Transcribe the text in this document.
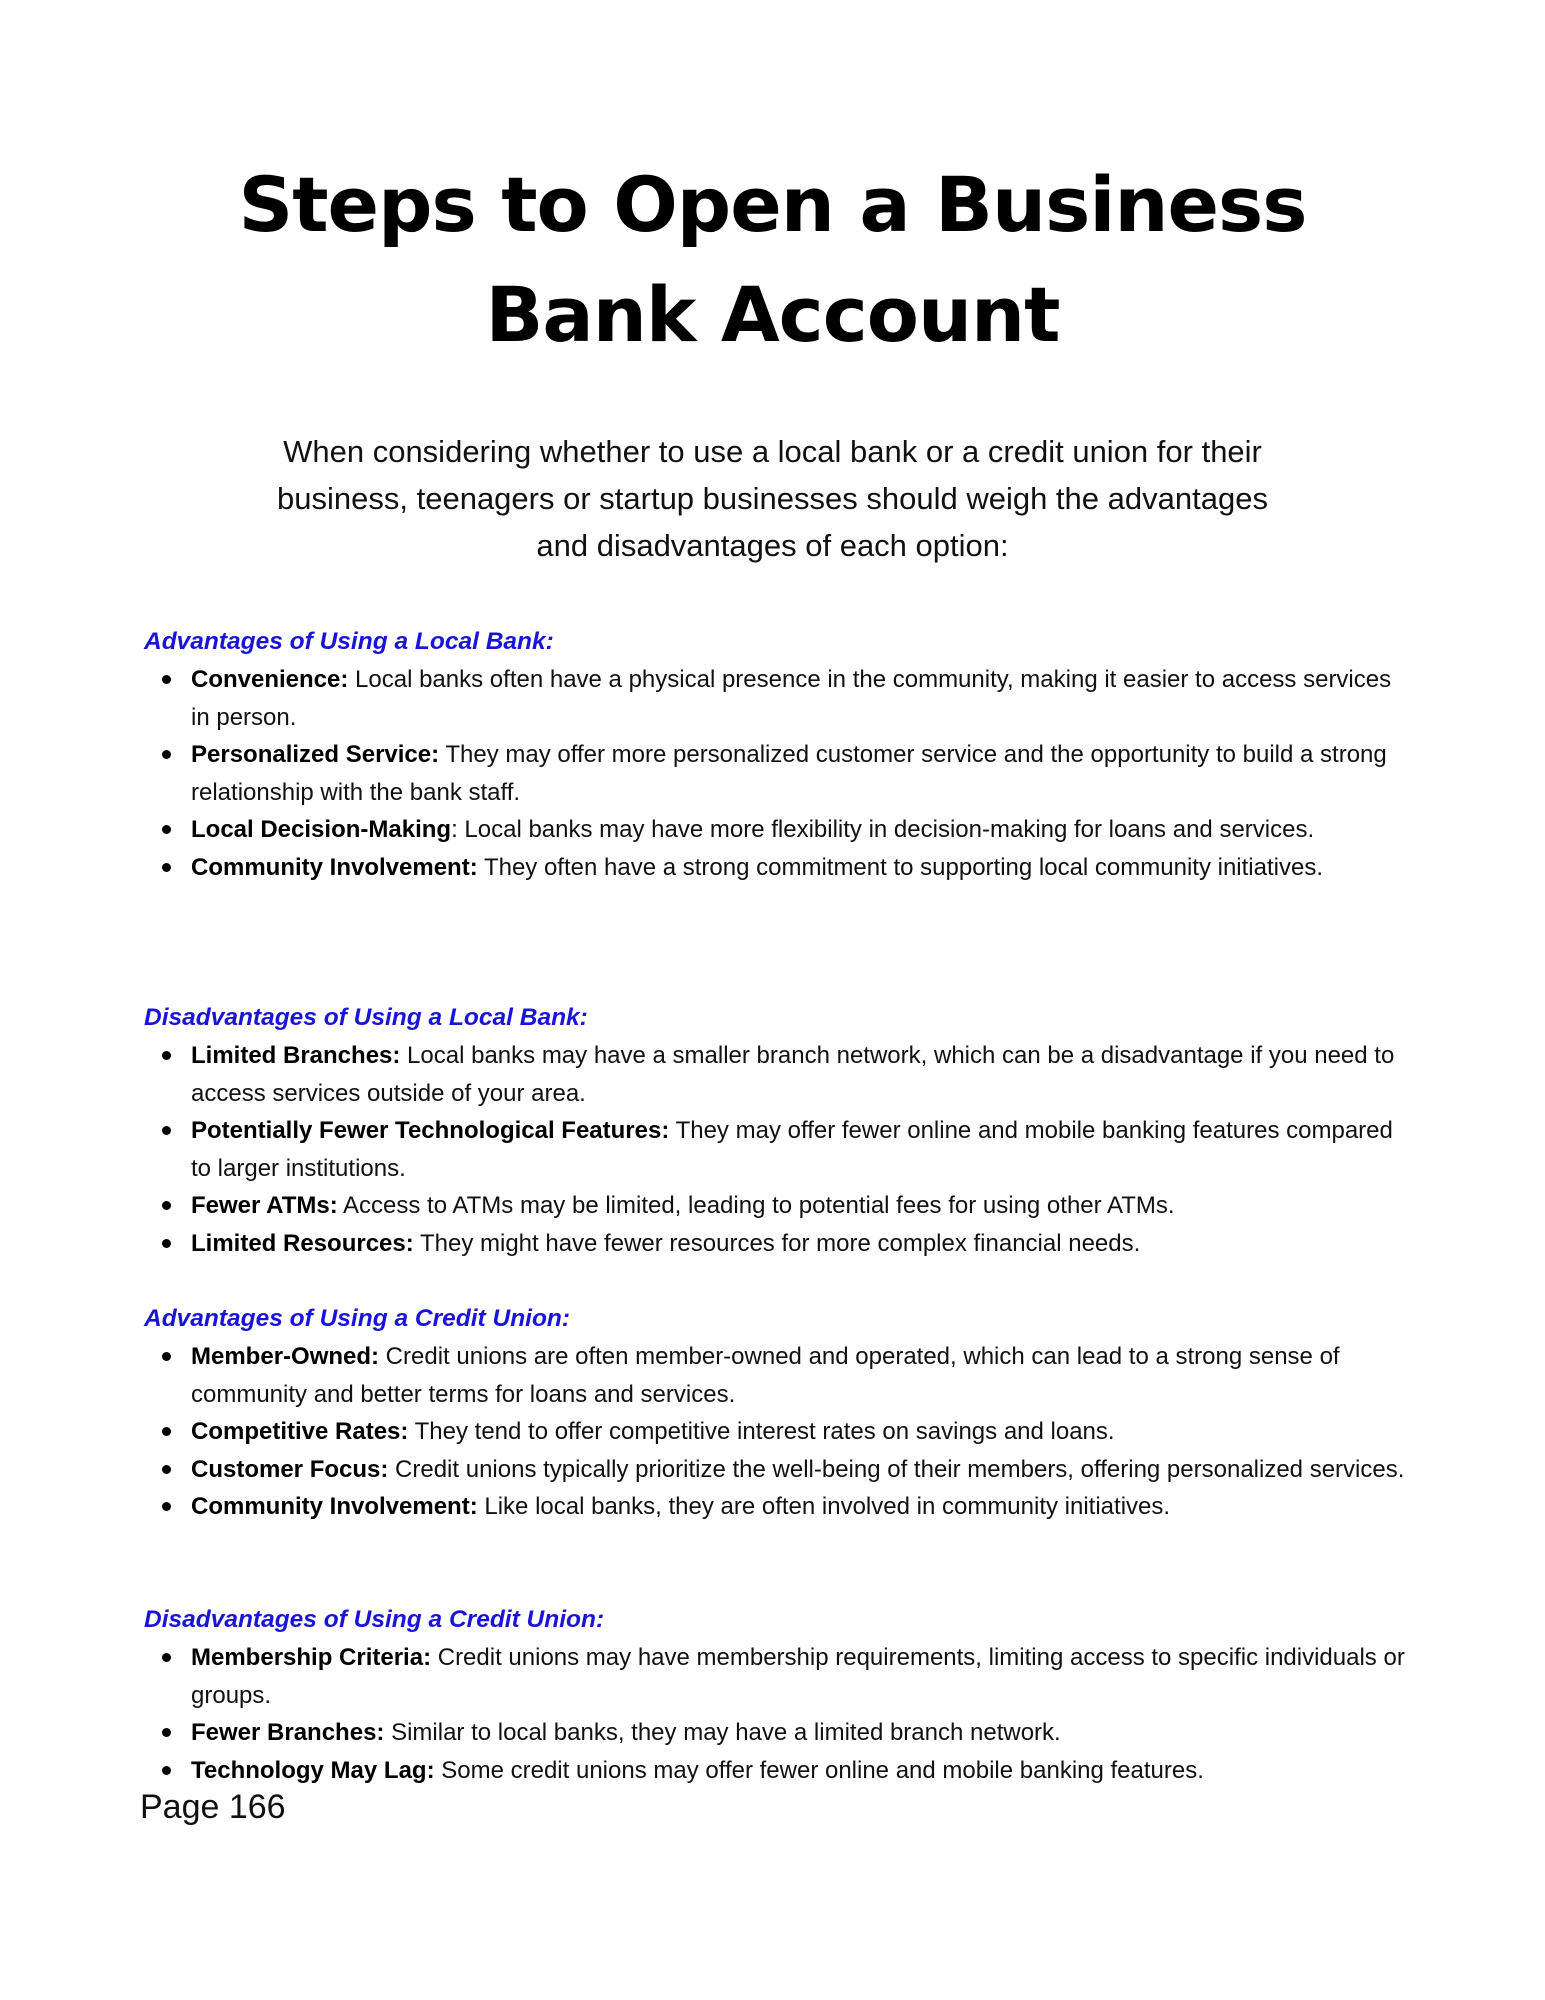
Steps to Open a Business
Bank Account

When considering whether to use a local bank or a credit union for their business, teenagers or startup businesses should weigh the advantages and disadvantages of each option:

Advantages of Using a Local Bank:

Convenience: Local banks often have a physical presence in the community, making it easier to access services in person.
Personalized Service: They may offer more personalized customer service and the opportunity to build a strong relationship with the bank staff.
Local Decision-Making: Local banks may have more flexibility in decision-making for loans and services.
Community Involvement: They often have a strong commitment to supporting local community initiatives.

Disadvantages of Using a Local Bank:

Limited Branches: Local banks may have a smaller branch network, which can be a disadvantage if you need to access services outside of your area.
Potentially Fewer Technological Features: They may offer fewer online and mobile banking features compared to larger institutions.
Fewer ATMs: Access to ATMs may be limited, leading to potential fees for using other ATMs.
Limited Resources: They might have fewer resources for more complex financial needs.

Advantages of Using a Credit Union:

Member-Owned: Credit unions are often member-owned and operated, which can lead to a strong sense of community and better terms for loans and services.
Competitive Rates: They tend to offer competitive interest rates on savings and loans.
Customer Focus: Credit unions typically prioritize the well-being of their members, offering personalized services.
Community Involvement: Like local banks, they are often involved in community initiatives.

Disadvantages of Using a Credit Union:

Membership Criteria: Credit unions may have membership requirements, limiting access to specific individuals or groups.
Fewer Branches: Similar to local banks, they may have a limited branch network.
Technology May Lag: Some credit unions may offer fewer online and mobile banking features.

Page 166
